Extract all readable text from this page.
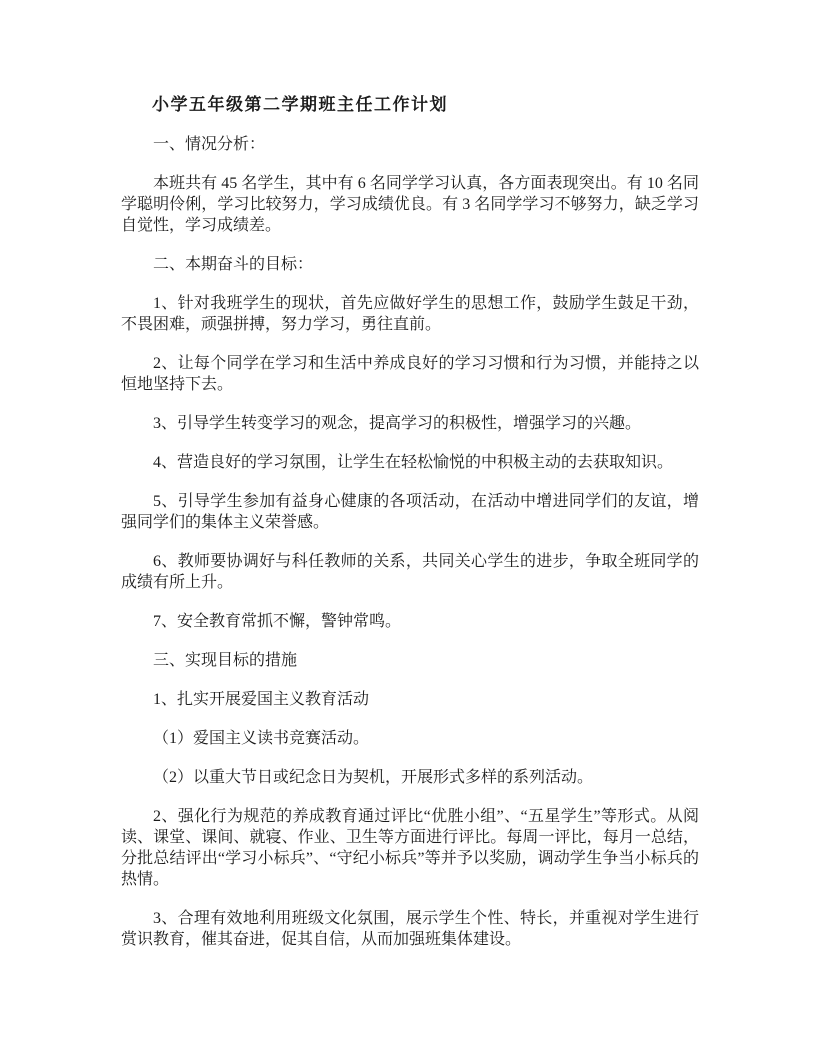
小学五年级第二学期班主任工作计划

一、情况分析：

本班共有 45 名学生，其中有 6 名同学学习认真，各方面表现突出。有 10 名同学聪明伶俐，学习比较努力，学习成绩优良。有 3 名同学学习不够努力，缺乏学习自觉性，学习成绩差。

二、本期奋斗的目标：

1、针对我班学生的现状，首先应做好学生的思想工作，鼓励学生鼓足干劲，不畏困难，顽强拼搏，努力学习，勇往直前。

2、让每个同学在学习和生活中养成良好的学习习惯和行为习惯，并能持之以恒地坚持下去。

3、引导学生转变学习的观念，提高学习的积极性，增强学习的兴趣。

4、营造良好的学习氛围，让学生在轻松愉悦的中积极主动的去获取知识。

5、引导学生参加有益身心健康的各项活动，在活动中增进同学们的友谊，增强同学们的集体主义荣誉感。

6、教师要协调好与科任教师的关系，共同关心学生的进步，争取全班同学的成绩有所上升。

7、安全教育常抓不懈，警钟常鸣。

三、实现目标的措施

1、扎实开展爱国主义教育活动

（1）爱国主义读书竞赛活动。

（2）以重大节日或纪念日为契机，开展形式多样的系列活动。

2、强化行为规范的养成教育通过评比“优胜小组”、“五星学生”等形式。从阅读、课堂、课间、就寝、作业、卫生等方面进行评比。每周一评比，每月一总结，分批总结评出“学习小标兵”、“守纪小标兵”等并予以奖励，调动学生争当小标兵的热情。

3、合理有效地利用班级文化氛围，展示学生个性、特长，并重视对学生进行赏识教育，催其奋进，促其自信，从而加强班集体建设。
